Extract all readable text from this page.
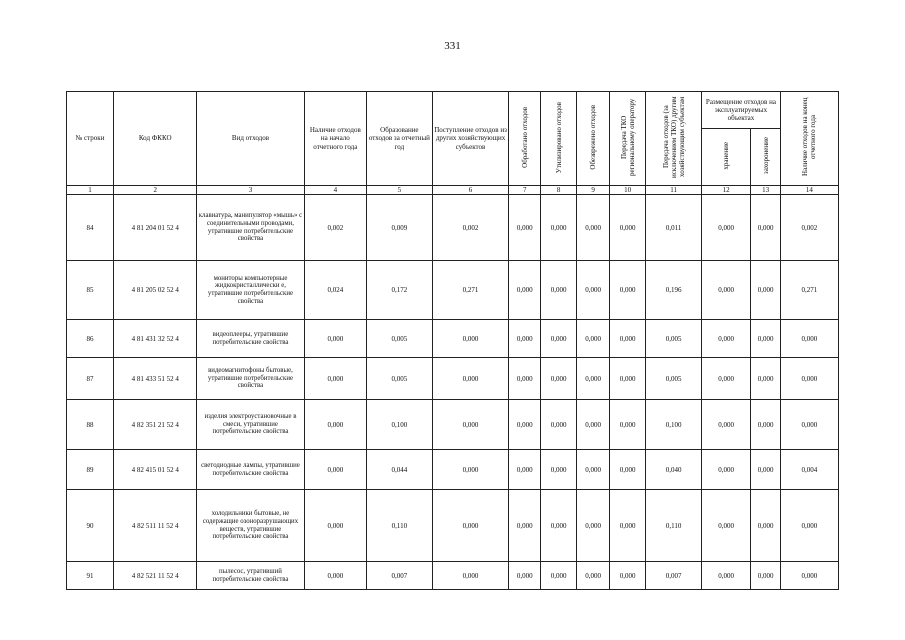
331
№ строки	Код ФККО	Вид отходов	Наличие отходов на начало отчетного года	Образование отходов за отчетный год	Поступление отходов из других хозяйствующих субъектов	Обработано отходов	Утилизировано отходов	Обезврежено отходов	Передача ТКО региональному оператору	Передача отходов (за исключением ТКО) другим хозяйствующим субъектам	Размещение отходов на эксплуатируемых объектах		Наличие отходов на конец отчетного года
											хранение	захоронение	
1	2	3	4	5	6	7	8	9	10	11	12	13	14
84	4 81 204 01 52 4	клавиатура, манипулятор «мышь» с соединительными проводами, утратившие потребительские свойства	0,002	0,009	0,002	0,000	0,000	0,000	0,000	0,011	0,000	0,000	0,002
85	4 81 205 02 52 4	мониторы компьютерные жидкокристаллически е, утратившие потребительские свойства	0,024	0,172	0,271	0,000	0,000	0,000	0,000	0,196	0,000	0,000	0,271
86	4 81 431 32 52 4	видеоплееры, утратившие потребительские свойства	0,000	0,005	0,000	0,000	0,000	0,000	0,000	0,005	0,000	0,000	0,000
87	4 81 433 51 52 4	видеомагнитофоны бытовые, утратившие потребительские свойства	0,000	0,005	0,000	0,000	0,000	0,000	0,000	0,005	0,000	0,000	0,000
88	4 82 351 21 52 4	изделия электроустановочные в смеси, утратившие потребительские свойства	0,000	0,100	0,000	0,000	0,000	0,000	0,000	0,100	0,000	0,000	0,000
89	4 82 415 01 52 4	светодиодные лампы, утратившие потребительские свойства	0,000	0,044	0,000	0,000	0,000	0,000	0,000	0,040	0,000	0,000	0,004
90	4 82 511 11 52 4	холодильники бытовые, не содержащие озоноразрушающих веществ, утратившие потребительские свойства	0,000	0,110	0,000	0,000	0,000	0,000	0,000	0,110	0,000	0,000	0,000
91	4 82 521 11 52 4	пылесос, утративший потребительские свойства	0,000	0,007	0,000	0,000	0,000	0,000	0,000	0,007	0,000	0,000	0,000
